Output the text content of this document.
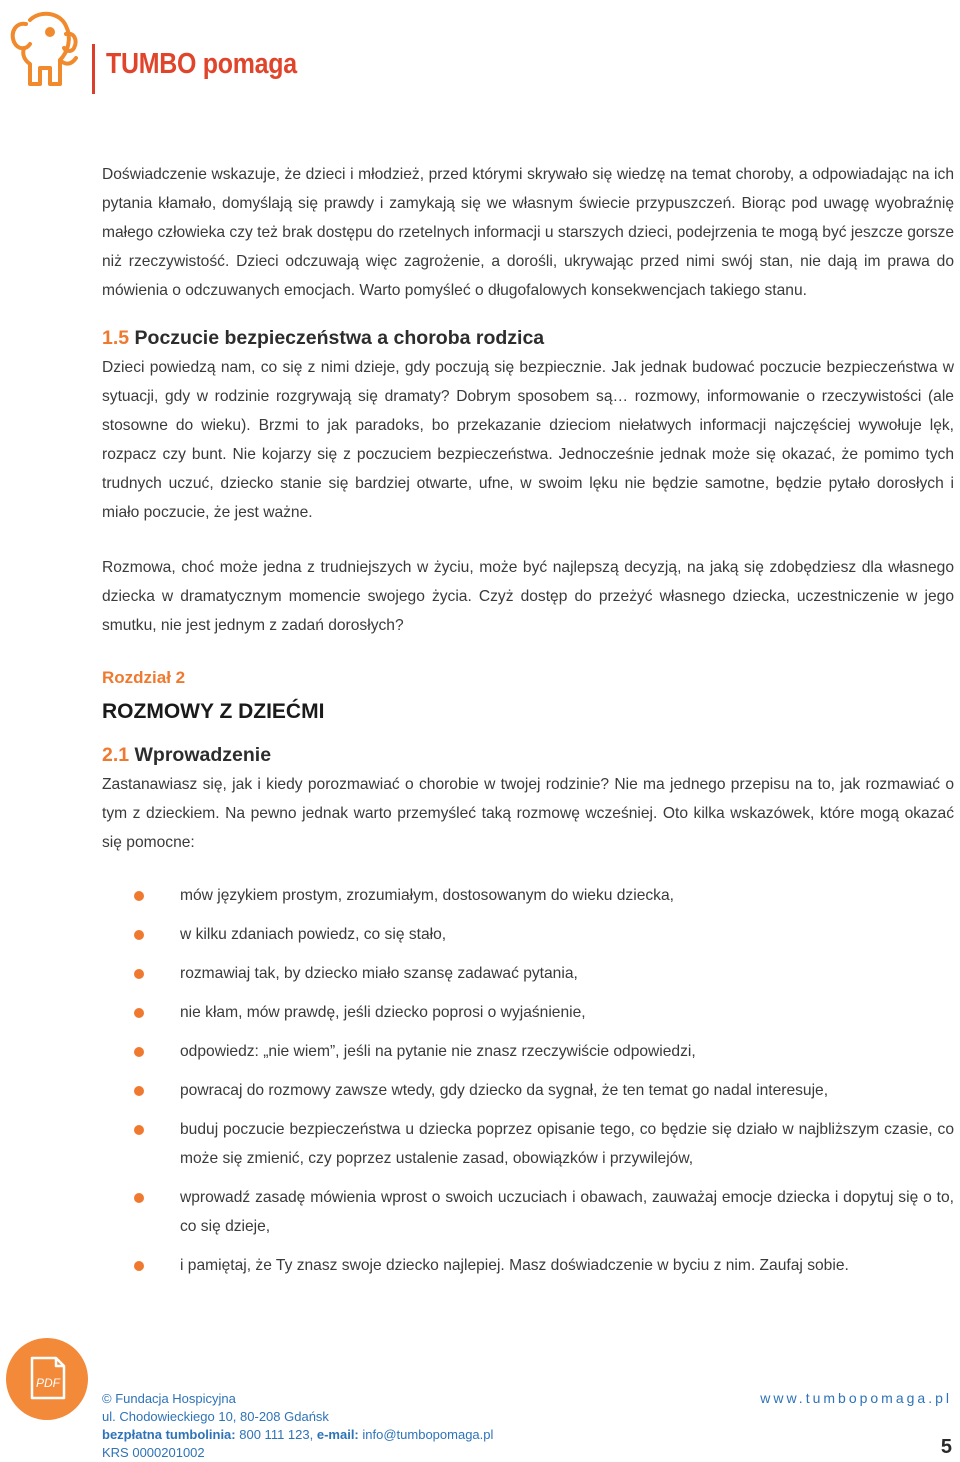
TUMBO pomaga

Doświadczenie wskazuje, że dzieci i młodzież, przed którymi skrywało się wiedzę na temat choroby, a odpowiadając na ich pytania kłamało, domyślają się prawdy i zamykają się we własnym świecie przypuszczeń. Biorąc pod uwagę wyobraźnię małego człowieka czy też brak dostępu do rzetelnych informacji u starszych dzieci, podejrzenia te mogą być jeszcze gorsze niż rzeczywistość. Dzieci odczuwają więc zagrożenie, a dorośli, ukrywając przed nimi swój stan, nie dają im prawa do mówienia o odczuwanych emocjach. Warto pomyśleć o długofalowych konsekwencjach takiego stanu.

1.5 Poczucie bezpieczeństwa a choroba rodzica

Dzieci powiedzą nam, co się z nimi dzieje, gdy poczują się bezpiecznie. Jak jednak budować poczucie bezpieczeństwa w sytuacji, gdy w rodzinie rozgrywają się dramaty? Dobrym sposobem są… rozmowy, informowanie o rzeczywistości (ale stosowne do wieku). Brzmi to jak paradoks, bo przekazanie dzieciom niełatwych informacji najczęściej wywołuje lęk, rozpacz czy bunt. Nie kojarzy się z poczuciem bezpieczeństwa. Jednocześnie jednak może się okazać, że pomimo tych trudnych uczuć, dziecko stanie się bardziej otwarte, ufne, w swoim lęku nie będzie samotne, będzie pytało dorosłych i miało poczucie, że jest ważne.

Rozmowa, choć może jedna z trudniejszych w życiu, może być najlepszą decyzją, na jaką się zdobędziesz dla własnego dziecka w dramatycznym momencie swojego życia. Czyż dostęp do przeżyć własnego dziecka, uczestniczenie w jego smutku, nie jest jednym z zadań dorosłych?

Rozdział 2

ROZMOWY Z DZIEĆMI

2.1 Wprowadzenie

Zastanawiasz się, jak i kiedy porozmawiać o chorobie w twojej rodzinie? Nie ma jednego przepisu na to, jak rozmawiać o tym z dzieckiem. Na pewno jednak warto przemyśleć taką rozmowę wcześniej. Oto kilka wskazówek, które mogą okazać się pomocne:

mów językiem prostym, zrozumiałym, dostosowanym do wieku dziecka,
w kilku zdaniach powiedz, co się stało,
rozmawiaj tak, by dziecko miało szansę zadawać pytania,
nie kłam, mów prawdę, jeśli dziecko poprosi o wyjaśnienie,
odpowiedz: „nie wiem”, jeśli na pytanie nie znasz rzeczywiście odpowiedzi,
powracaj do rozmowy zawsze wtedy, gdy dziecko da sygnał, że ten temat go nadal interesuje,
buduj poczucie bezpieczeństwa u dziecka poprzez opisanie tego, co będzie się działo w najbliższym czasie, co może się zmienić, czy poprzez ustalenie zasad, obowiązków i przywilejów,
wprowadź zasadę mówienia wprost o swoich uczuciach i obawach, zauważaj emocje dziecka i dopytuj się o to, co się dzieje,
i pamiętaj, że Ty znasz swoje dziecko najlepiej. Masz doświadczenie w byciu z nim. Zaufaj sobie.
PDF
© Fundacja Hospicyjna
ul. Chodowieckiego 10, 80-208 Gdańsk
bezpłatna tumbolinia: 800 111 123, e-mail: info@tumbopomaga.pl
KRS 0000201002
www.tumbopomaga.pl
5
